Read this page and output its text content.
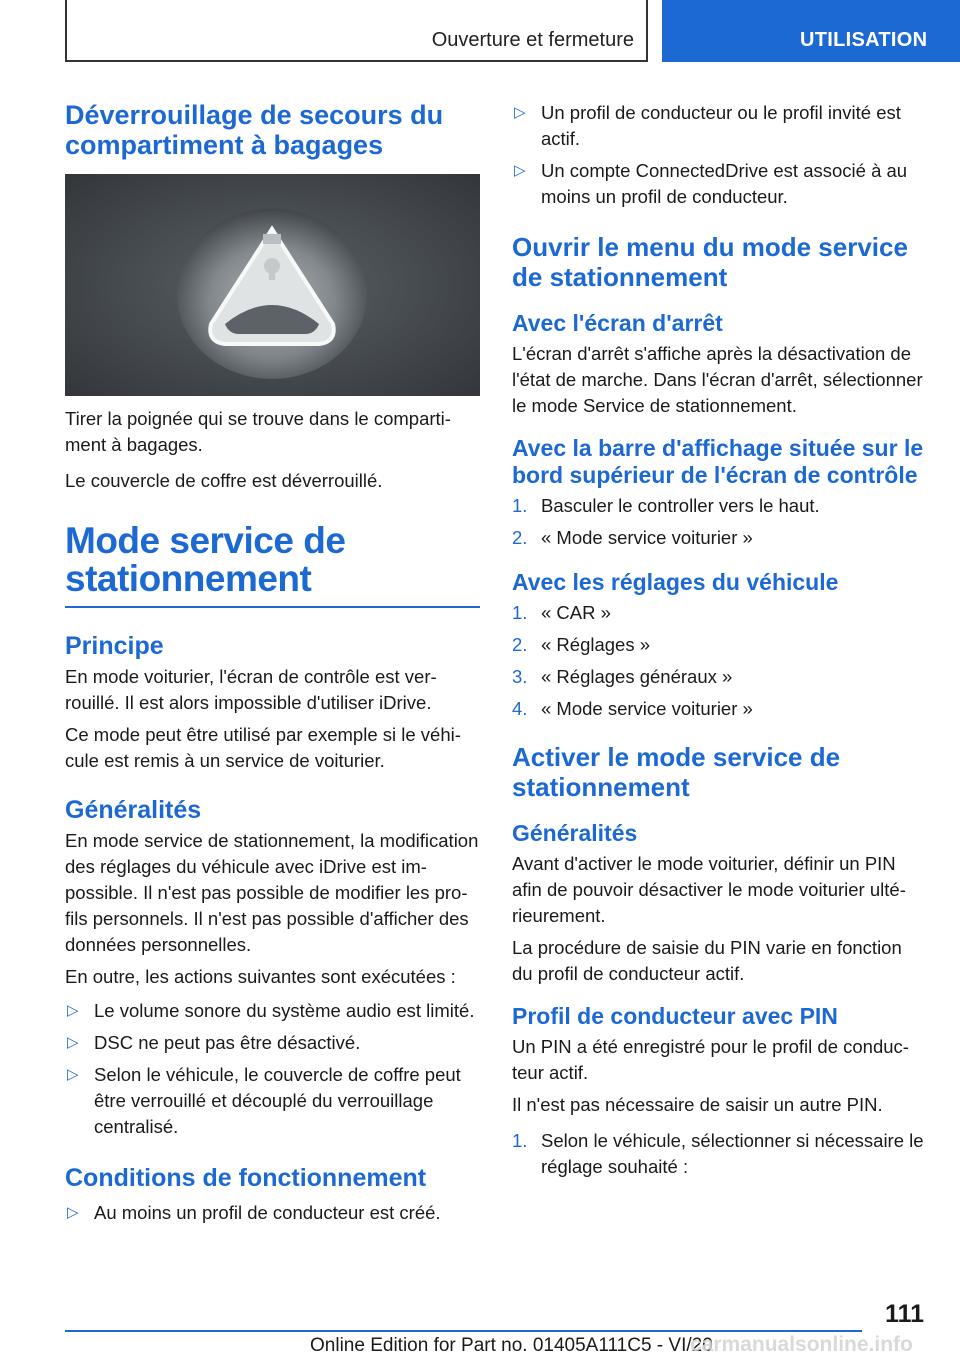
Ouverture et fermeture	UTILISATION
Déverrouillage de secours du compartiment à bagages

Tirer la poignée qui se trouve dans le compartiment à bagages.

Le couvercle de coffre est déverrouillé.

Mode service de stationnement
Principe

En mode voiturier, l'écran de contrôle est verrouillé. Il est alors impossible d'utiliser iDrive.

Ce mode peut être utilisé par exemple si le véhicule est remis à un service de voiturier.

Généralités

En mode service de stationnement, la modification des réglages du véhicule avec iDrive est impossible. Il n'est pas possible de modifier les profils personnels. Il n'est pas possible d'afficher des données personnelles.

En outre, les actions suivantes sont exécutées :

▷ Le volume sonore du système audio est limité.
▷ DSC ne peut pas être désactivé.
▷ Selon le véhicule, le couvercle de coffre peut être verrouillé et découplé du verrouillage centralisé.
Conditions de fonctionnement
▷ Au moins un profil de conducteur est créé.
▷ Un profil de conducteur ou le profil invité est actif.
▷ Un compte ConnectedDrive est associé à au moins un profil de conducteur.
Ouvrir le menu du mode service de stationnement
Avec l'écran d'arrêt

L'écran d'arrêt s'affiche après la désactivation de l'état de marche. Dans l'écran d'arrêt, sélectionner le mode Service de stationnement.

Avec la barre d'affichage située sur le bord supérieur de l'écran de contrôle
1. Basculer le controller vers le haut.
2. « Mode service voiturier »
Avec les réglages du véhicule
1. « CAR »
2. « Réglages »
3. « Réglages généraux »
4. « Mode service voiturier »
Activer le mode service de stationnement
Généralités

Avant d'activer le mode voiturier, définir un PIN afin de pouvoir désactiver le mode voiturier ultérieurement.

La procédure de saisie du PIN varie en fonction du profil de conducteur actif.

Profil de conducteur avec PIN

Un PIN a été enregistré pour le profil de conducteur actif.

Il n'est pas nécessaire de saisir un autre PIN.

1. Selon le véhicule, sélectionner si nécessaire le réglage souhaité :
111
Online Edition for Part no. 01405A111C5 - VI/20
carmanualsonline.info
